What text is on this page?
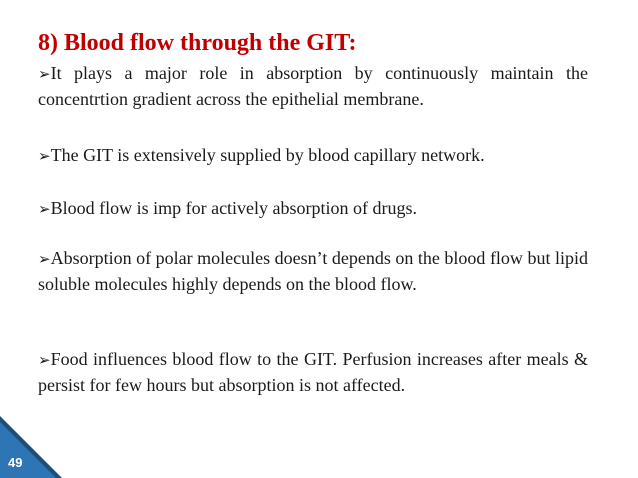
8) Blood flow through the GIT:

➢It plays a major role in absorption by continuously maintain the concentrtion gradient across the epithelial membrane.

➢The GIT is extensively supplied by blood capillary network.

➢Blood flow is imp for actively absorption of drugs.

➢Absorption of polar molecules doesn’t depends on the blood flow but lipid soluble molecules highly depends on the blood flow.

➢Food influences blood flow to the GIT. Perfusion increases after meals & persist for few hours but absorption is not affected.

49
